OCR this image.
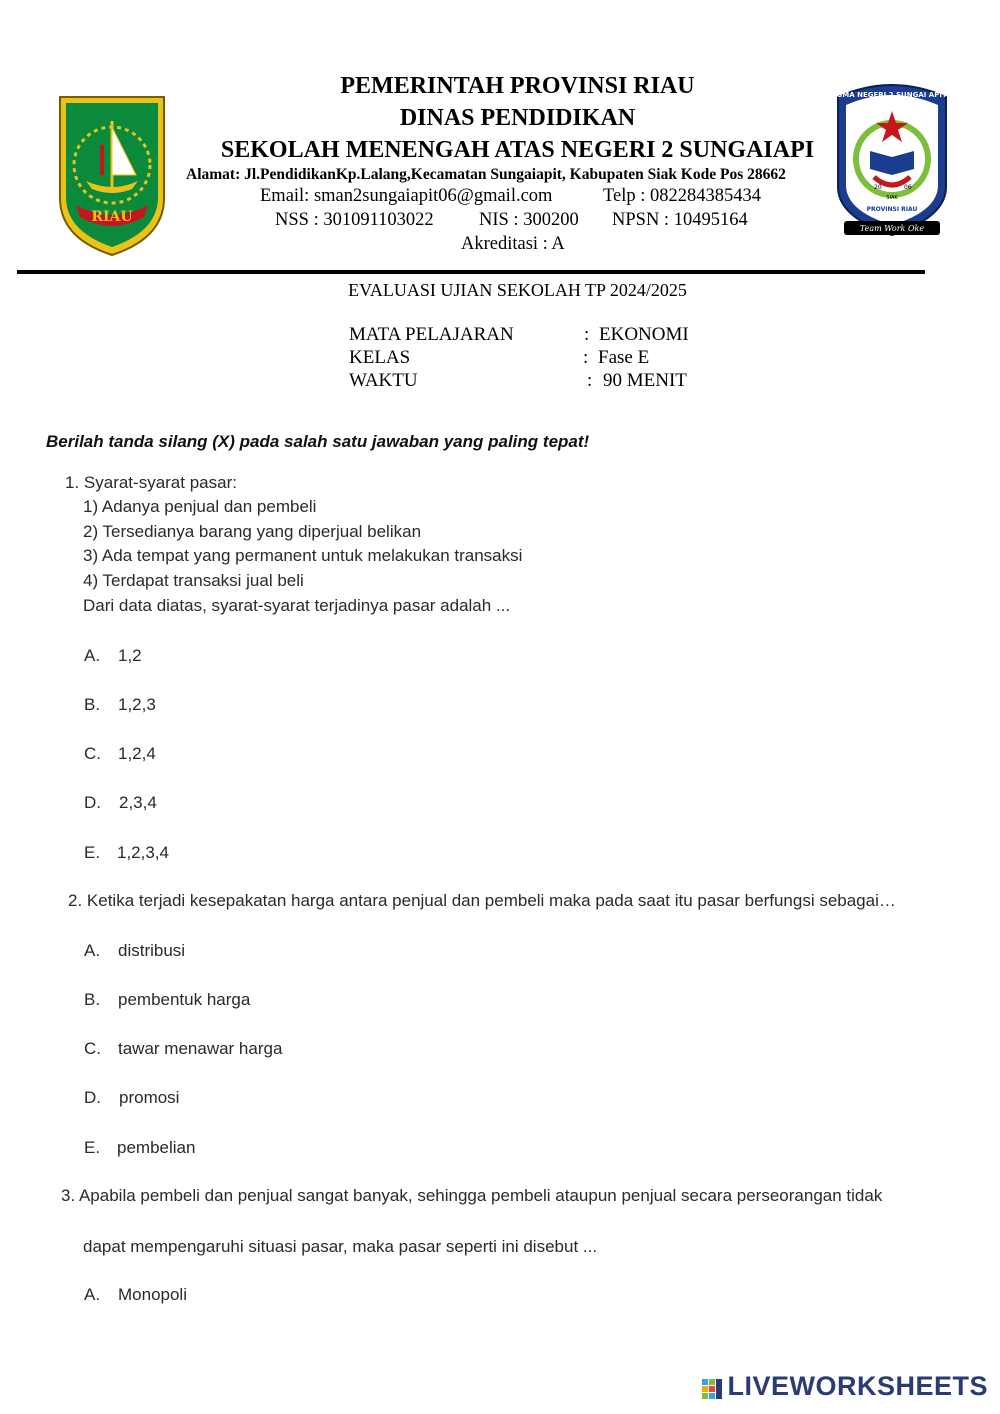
RIAU
SMA NEGERI 2 SUNGAI APIT
20	06
SIAK
PROVINSI RIAU
Team Work Oke
PEMERINTAH PROVINSI RIAU
DINAS PENDIDIKAN
SEKOLAH MENENGAH ATAS NEGERI 2 SUNGAIAPI
Alamat: Jl.PendidikanKp.Lalang,Kecamatan Sungaiapit, Kabupaten Siak Kode Pos 28662
Email: sman2sungaiapit06@gmail.com	Telp : 082284385434
NSS : 301091103022 NIS : 300200 NPSN : 10495164
Akreditasi : A
EVALUASI UJIAN SEKOLAH TP 2024/2025
MATA PELAJARAN	: EKONOMI
KELAS	: Fase E
WAKTU	: 90 MENIT
Berilah tanda silang (X) pada salah satu jawaban yang paling tepat!
1. Syarat-syarat pasar:
1) Adanya penjual dan pembeli
2) Tersedianya barang yang diperjual belikan
3) Ada tempat yang permanent untuk melakukan transaksi
4) Terdapat transaksi jual beli
Dari data diatas, syarat-syarat terjadinya pasar adalah ...
A. 1,2
B. 1,2,3
C. 1,2,4
D. 2,3,4
E. 1,2,3,4
2. Ketika terjadi kesepakatan harga antara penjual dan pembeli maka pada saat itu pasar berfungsi sebagai…
A. distribusi
B. pembentuk harga
C. tawar menawar harga
D. promosi
E. pembelian
3. Apabila pembeli dan penjual sangat banyak, sehingga pembeli ataupun penjual secara perseorangan tidak
dapat mempengaruhi situasi pasar, maka pasar seperti ini disebut ...
A. Monopoli
LIVEWORKSHEETS
